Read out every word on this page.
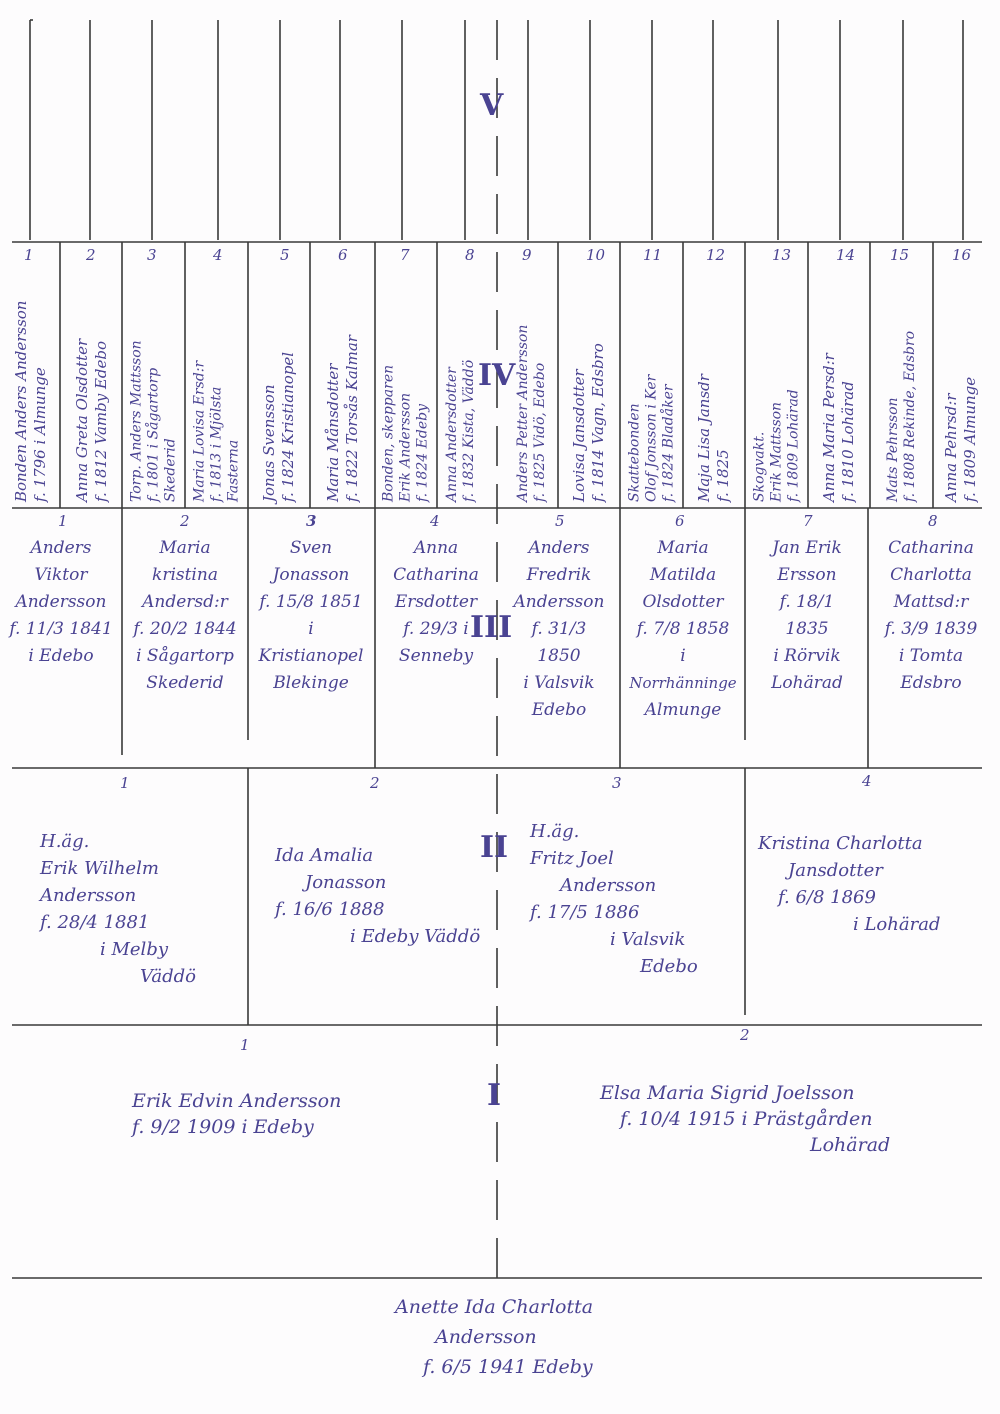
V
IV
III
II
I
1
Bonden Anders Andersson f. 1796 i Almunge
2
Anna Greta Olsdotter f. 1812 Vamby Edebo
3
Torp. Anders Mattsson f. 1801 i Sågartorp Skederid
4
Maria Lovisa Ersd:r f. 1813 i Mjölsta Fasterna
5
Jonas Svensson f. 1824 Kristianopel
6
Maria Månsdotter f. 1822 Torsås Kalmar
7
Bonden, skepparen Erik Andersson f. 1824 Edeby
8
Anna Andersdotter f. 1832 Kista, Väddö
9
Anders Petter Andersson f. 1825 Vidö, Edebo
10
Lovisa Jansdotter f. 1814 Vagn, Edsbro
11
Skattebonden Olof Jonsson i Ker f. 1824 Bladåker
12
Maja Lisa Jansdr f. 1825
13
Skogvakt. Erik Mattsson f. 1809 Lohärad
14
Anna Maria Persd:r f. 1810 Lohärad
15
Mats Pehrsson f. 1808 Rekinde, Edsbro
16
Anna Pehrsd:r f. 1809 Almunge
1
Anders
Viktor
Andersson
f. 11/3 1841
i Edebo
2
Maria
kristina
Andersd:r
f. 20/2 1844
i Sågartorp
Skederid
3
Sven
Jonasson
f. 15/8 1851
i
Kristianopel
Blekinge
4
Anna
Catharina
Ersdotter
f. 29/3 i
Senneby
5
Anders
Fredrik
Andersson
f. 31/3
1850
i Valsvik
Edebo
6
Maria
Matilda
Olsdotter
f. 7/8 1858
i
Norrhänninge
Almunge
7
Jan Erik
Ersson
f. 18/1
1835
i Rörvik
Lohärad
8
Catharina
Charlotta
Mattsd:r
f. 3/9 1839
i Tomta
Edsbro
1
H.äg.
Erik Wilhelm
Andersson
f. 28/4 1881
i Melby
Väddö
2
Ida Amalia
Jonasson
f. 16/6 1888
i Edeby Väddö
3
H.äg.
Fritz Joel
Andersson
f. 17/5 1886
i Valsvik
Edebo
4
Kristina Charlotta
Jansdotter
f. 6/8 1869
i Lohärad
1
Erik Edvin Andersson
f. 9/2 1909 i Edeby
2
Elsa Maria Sigrid Joelsson
f. 10/4 1915 i Prästgården
Lohärad
Anette Ida Charlotta
Andersson
f. 6/5 1941 Edeby
